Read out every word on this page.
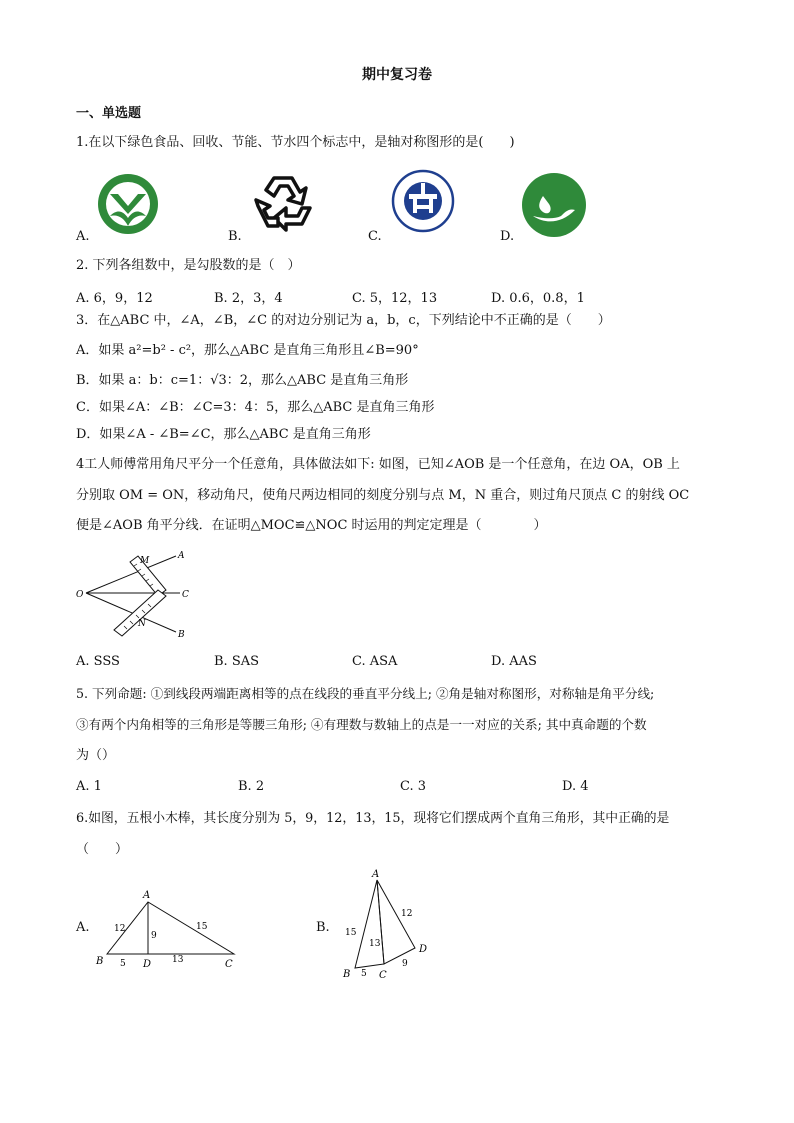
期中复习卷
一、单选题
1.在以下绿色食品、回收、节能、节水四个标志中，是轴对称图形的是(　　)
A.	B.	C.	D.
2. 下列各组数中，是勾股数的是（　）
A. 6，9，12	B. 2，3，4	C. 5，12，13	D. 0.6，0.8，1
3．在△ABC 中，∠A，∠B，∠C 的对边分别记为 a，b，c，下列结论中不正确的是（　　）
A．如果 a²=b² - c²，那么△ABC 是直角三角形且∠B=90°
B．如果 a：b：c=1：√3：2，那么△ABC 是直角三角形
C．如果∠A：∠B：∠C=3：4：5，那么△ABC 是直角三角形
D．如果∠A - ∠B=∠C，那么△ABC 是直角三角形
4工人师傅常用角尺平分一个任意角，具体做法如下: 如图，已知∠AOB 是一个任意角，在边 OA，OB 上
分别取 OM = ON，移动角尺，使角尺两边相同的刻度分别与点 M，N 重合，则过角尺顶点 C 的射线 OC
便是∠AOB 角平分线．在证明△MOC≌△NOC 时运用的判定定理是（　　　　）
O
M	A
C
N
B
A. SSS	B. SAS	C. ASA	D. AAS
5. 下列命题: ①到线段两端距离相等的点在线段的垂直平分线上; ②角是轴对称图形，对称轴是角平分线;
③有两个内角相等的三角形是等腰三角形; ④有理数与数轴上的点是一一对应的关系; 其中真命题的个数
为（）
A. 1	B. 2	C. 3	D. 4
6.如图，五根小木棒，其长度分别为 5，9，12，13，15，现将它们摆成两个直角三角形，其中正确的是
（　　）
A.
A
B	D	C
12
9
15
5	13
B.
A
B	C
D
15
13
12
5
9
